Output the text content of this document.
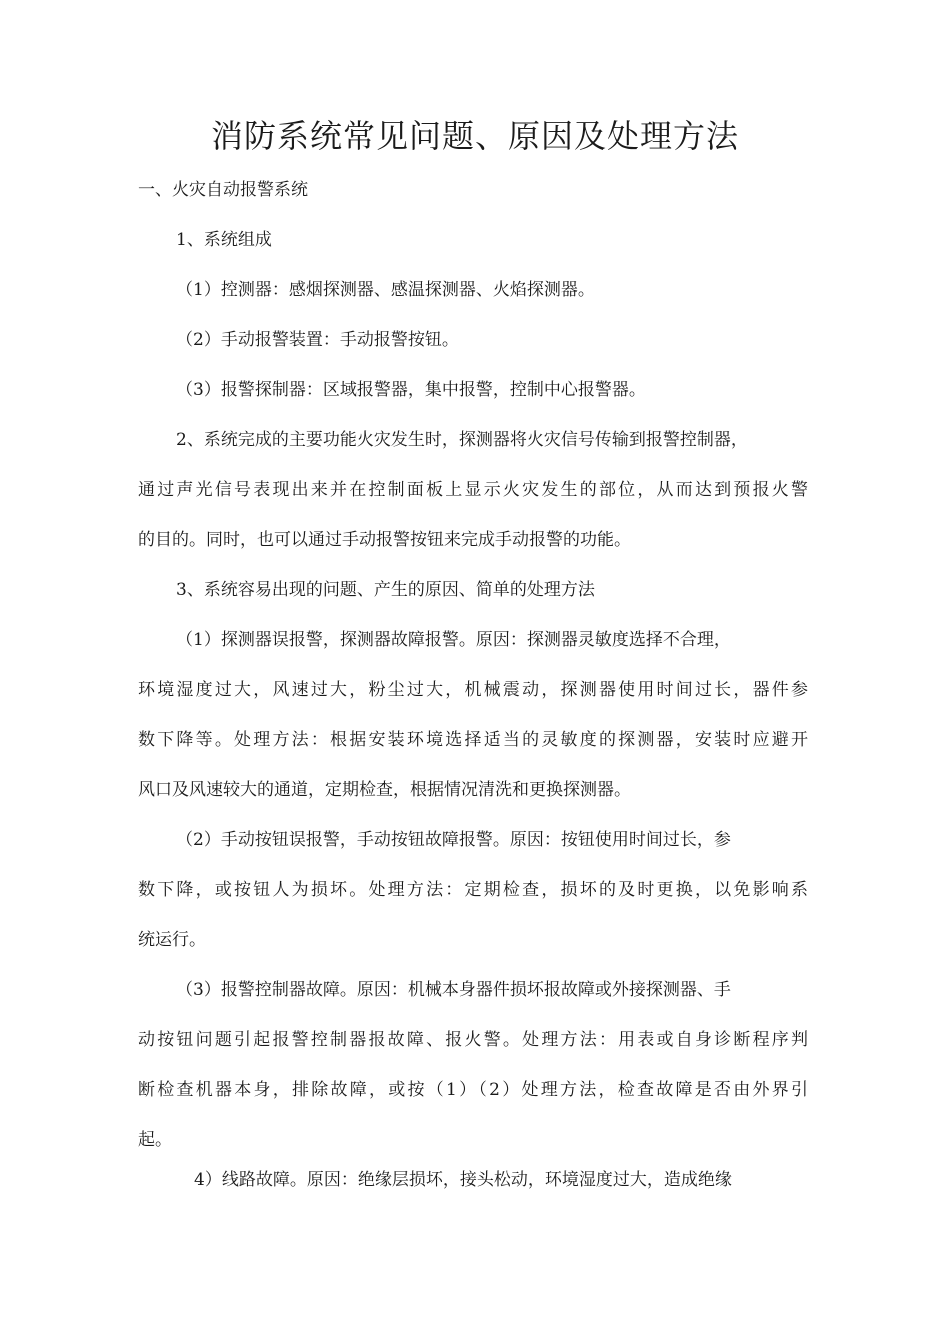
消防系统常见问题、原因及处理方法
一、火灾自动报警系统
1、系统组成
（1）控测器：感烟探测器、感温探测器、火焰探测器。
（2）手动报警装置：手动报警按钮。
（3）报警探制器：区域报警器，集中报警，控制中心报警器。
2、系统完成的主要功能火灾发生时，探测器将火灾信号传输到报警控制器，
通过声光信号表现出来并在控制面板上显示火灾发生的部位，从而达到预报火警
的目的。同时，也可以通过手动报警按钮来完成手动报警的功能。
3、系统容易出现的问题、产生的原因、简单的处理方法
（1）探测器误报警，探测器故障报警。原因：探测器灵敏度选择不合理，
环境湿度过大，风速过大，粉尘过大，机械震动，探测器使用时间过长，器件参
数下降等。处理方法：根据安装环境选择适当的灵敏度的探测器，安装时应避开
风口及风速较大的通道，定期检查，根据情况清洗和更换探测器。
（2）手动按钮误报警，手动按钮故障报警。原因：按钮使用时间过长，参
数下降，或按钮人为损坏。处理方法：定期检查，损坏的及时更换，以免影响系
统运行。
（3）报警控制器故障。原因：机械本身器件损坏报故障或外接探测器、手
动按钮问题引起报警控制器报故障、报火警。处理方法：用表或自身诊断程序判
断检查机器本身，排除故障，或按（1）（2）处理方法，检查故障是否由外界引
起。
4）线路故障。原因：绝缘层损坏，接头松动，环境湿度过大，造成绝缘
